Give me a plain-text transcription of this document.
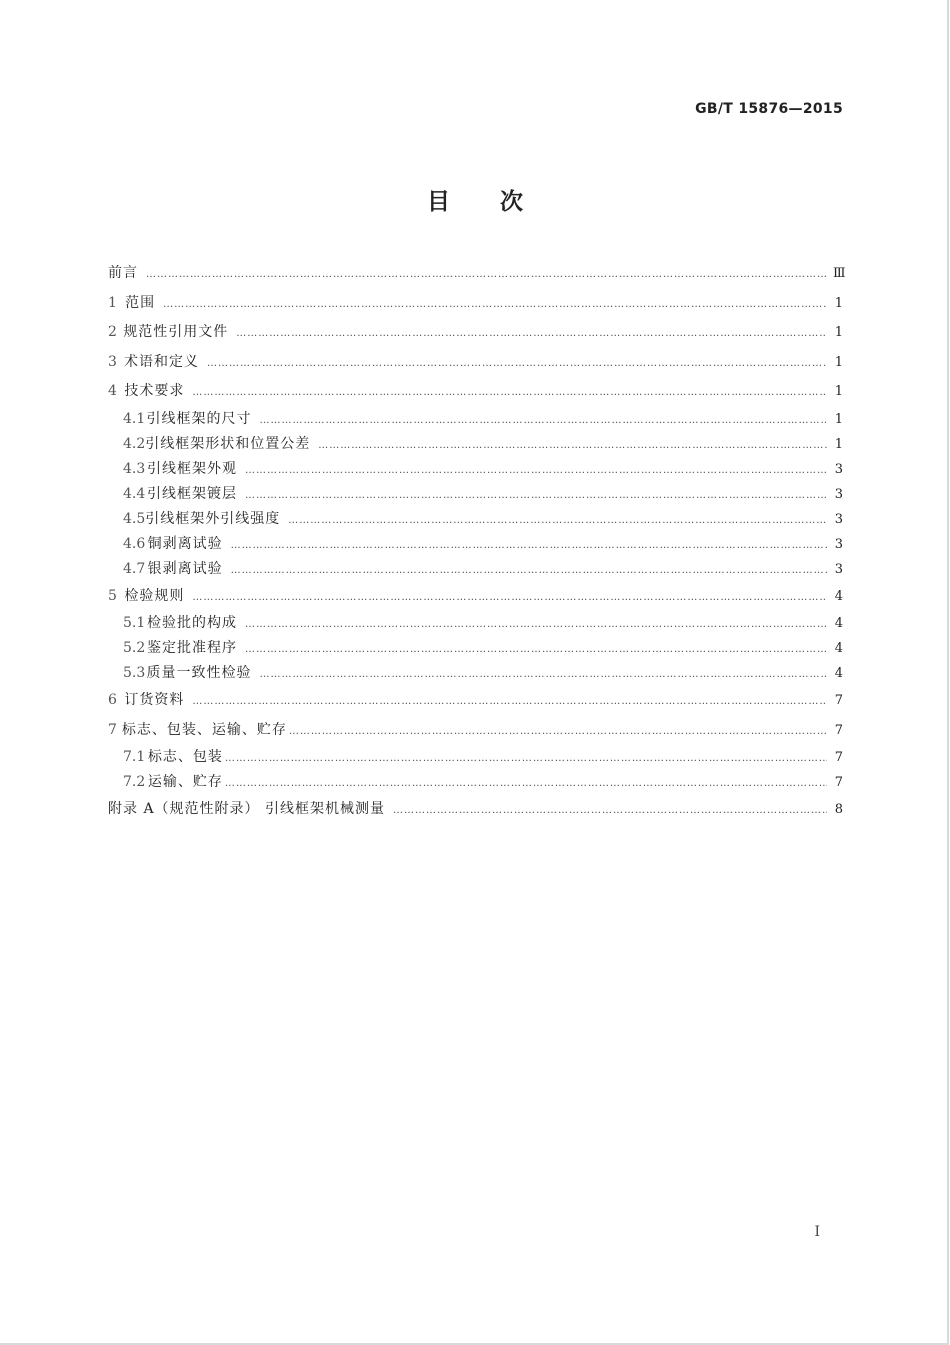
GB/T 15876—2015
目次
前言 …………………………………………………………………………………………………………………………………………………………………………………………………………………………………………	Ⅲ
1 范围 …………………………………………………………………………………………………………………………………………………………………………………………………………………………………………	1
2 规范性引用文件 …………………………………………………………………………………………………………………………………………………………………………………………………………………………………………	1
3 术语和定义 …………………………………………………………………………………………………………………………………………………………………………………………………………………………………………	1
4 技术要求 …………………………………………………………………………………………………………………………………………………………………………………………………………………………………………	1
4.1 引线框架的尺寸 …………………………………………………………………………………………………………………………………………………………………………………………………………………………………………	1
4.2 引线框架形状和位置公差 …………………………………………………………………………………………………………………………………………………………………………………………………………………………………………	1
4.3 引线框架外观 …………………………………………………………………………………………………………………………………………………………………………………………………………………………………………	3
4.4 引线框架镀层 …………………………………………………………………………………………………………………………………………………………………………………………………………………………………………	3
4.5 引线框架外引线强度 …………………………………………………………………………………………………………………………………………………………………………………………………………………………………………	3
4.6 铜剥离试验 …………………………………………………………………………………………………………………………………………………………………………………………………………………………………………	3
4.7 银剥离试验 …………………………………………………………………………………………………………………………………………………………………………………………………………………………………………	3
5 检验规则 …………………………………………………………………………………………………………………………………………………………………………………………………………………………………………	4
5.1 检验批的构成 …………………………………………………………………………………………………………………………………………………………………………………………………………………………………………	4
5.2 鉴定批准程序 …………………………………………………………………………………………………………………………………………………………………………………………………………………………………………	4
5.3 质量一致性检验 …………………………………………………………………………………………………………………………………………………………………………………………………………………………………………	4
6 订货资料 …………………………………………………………………………………………………………………………………………………………………………………………………………………………………………	7
7 标志、包装、运输、贮存 …………………………………………………………………………………………………………………………………………………………………………………………………………………………………………	7
7.1 标志、包装 …………………………………………………………………………………………………………………………………………………………………………………………………………………………………………	7
7.2 运输、贮存 …………………………………………………………………………………………………………………………………………………………………………………………………………………………………………	7
附录 A（规范性附录） 引线框架机械测量 …………………………………………………………………………………………………………………………………………………………………………………………………………………………………………	8
Ⅰ
